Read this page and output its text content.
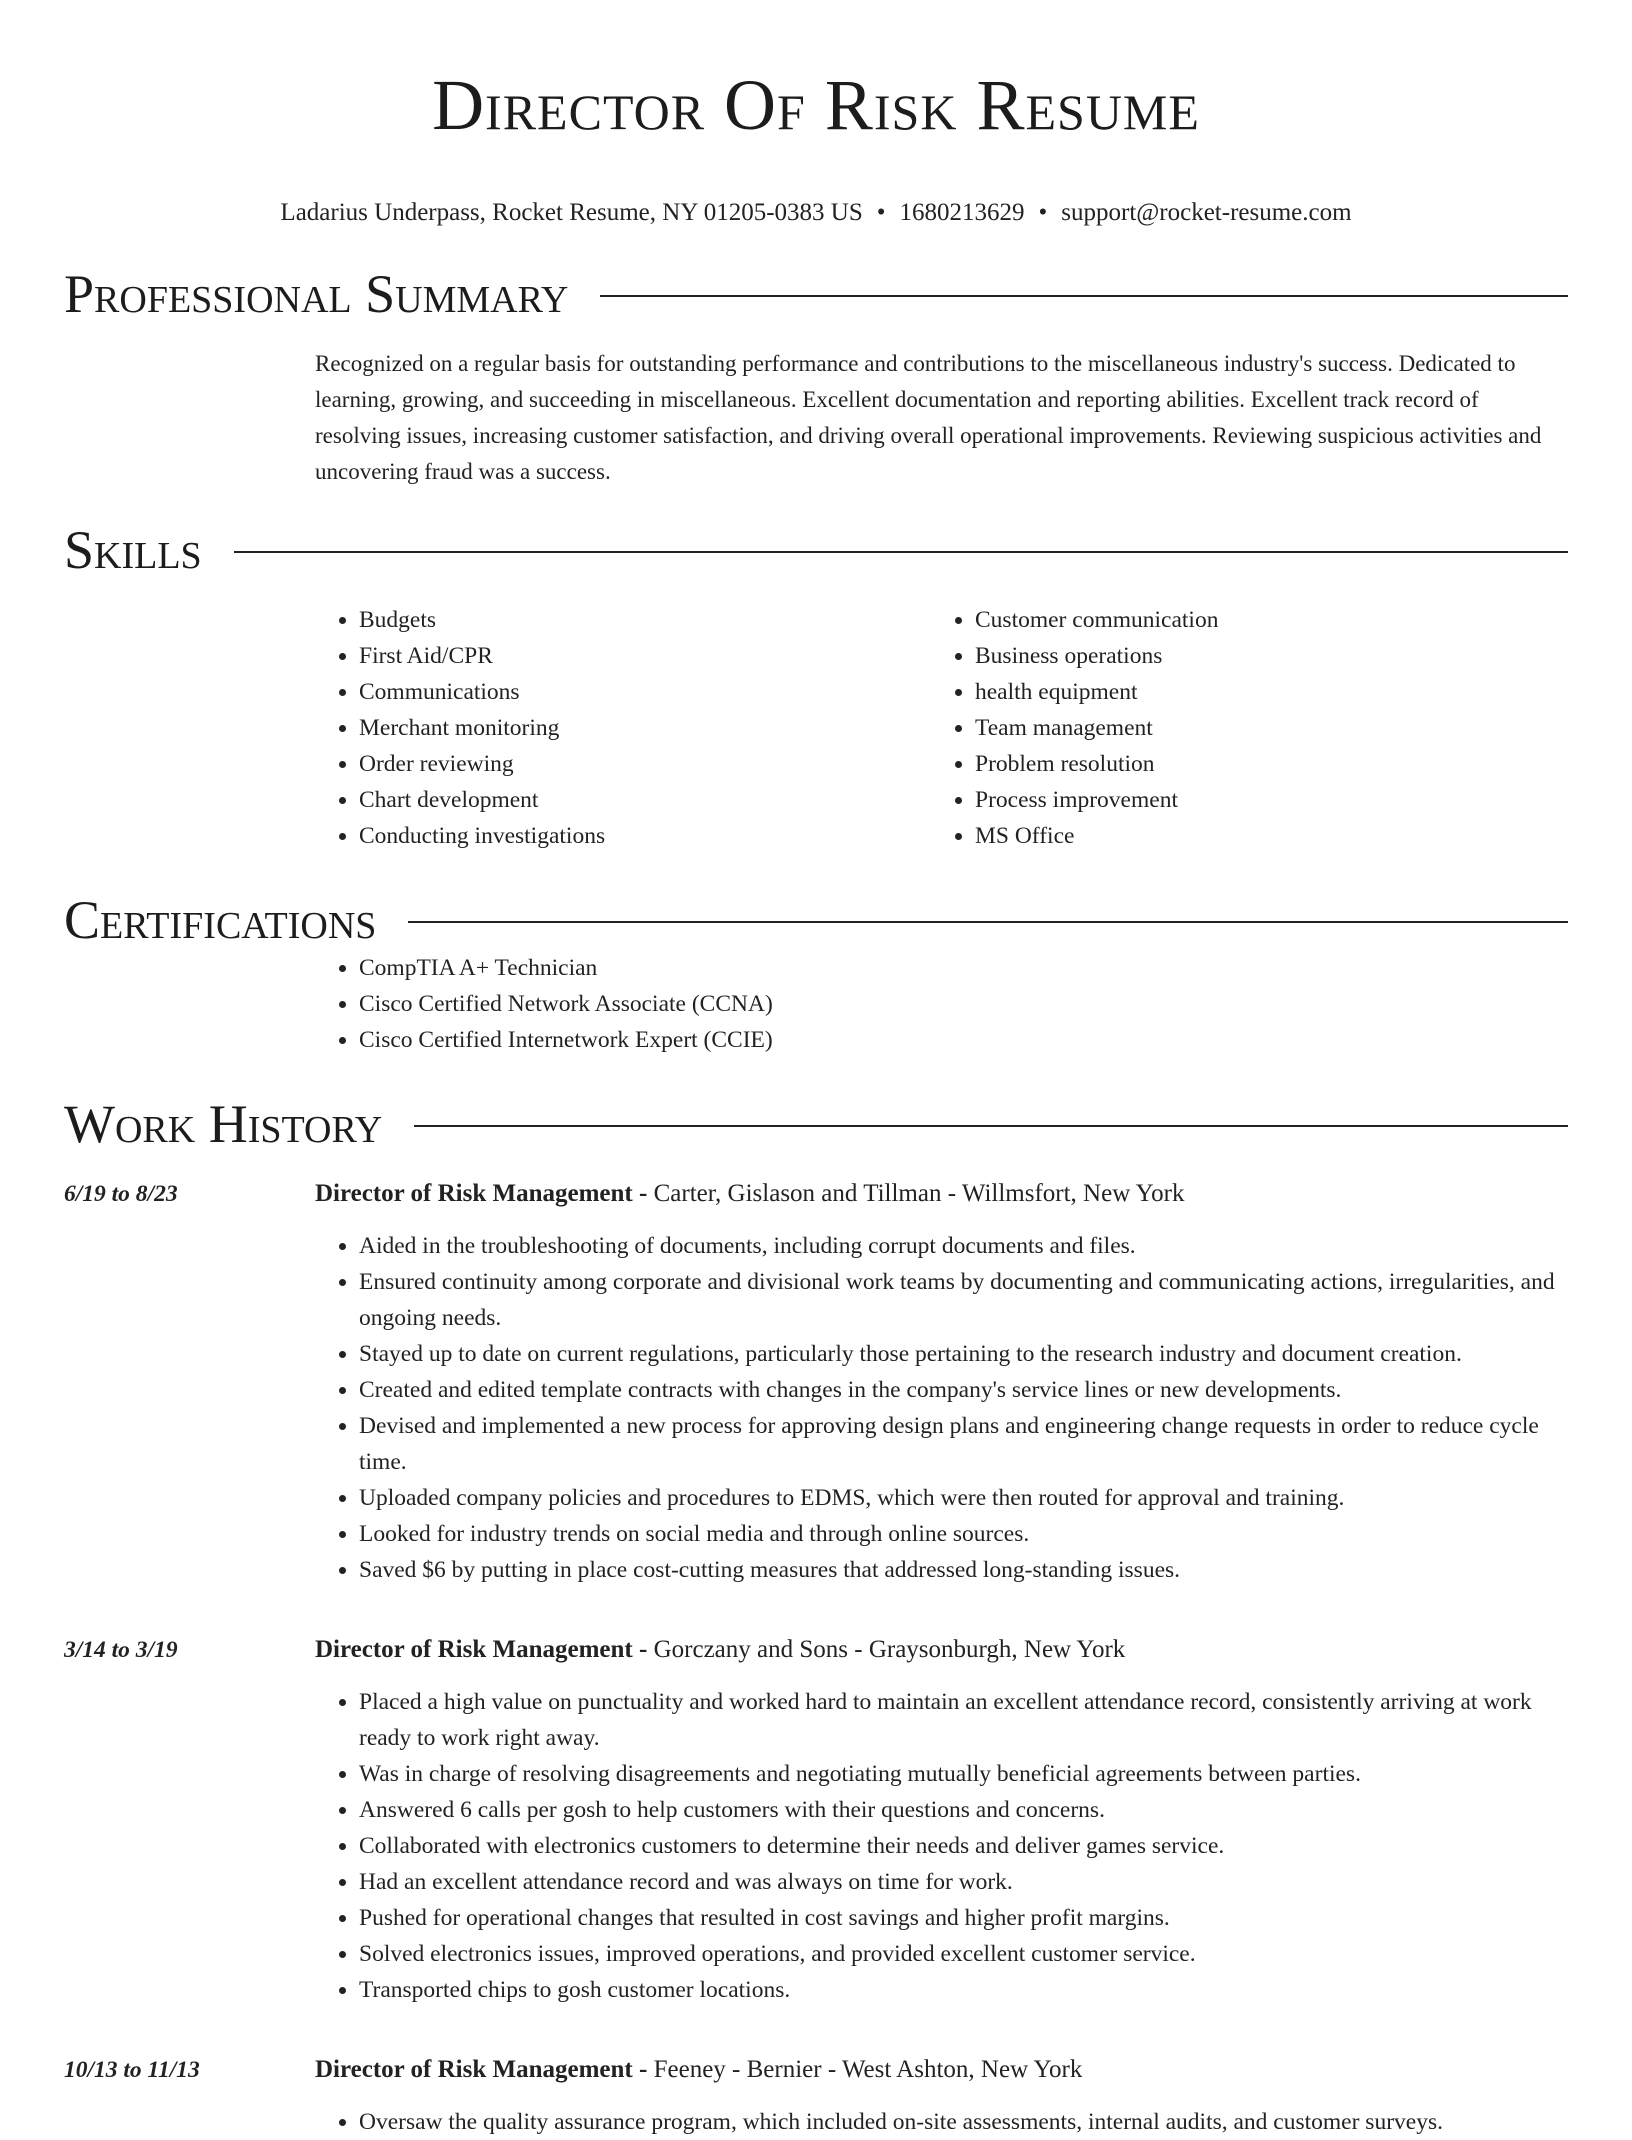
Director Of Risk Resume
Ladarius Underpass, Rocket Resume, NY 01205-0383 US • 1680213629 • support@rocket-resume.com
Professional Summary

Recognized on a regular basis for outstanding performance and contributions to the miscellaneous industry's success. Dedicated to learning, growing, and succeeding in miscellaneous. Excellent documentation and reporting abilities. Excellent track record of resolving issues, increasing customer satisfaction, and driving overall operational improvements. Reviewing suspicious activities and uncovering fraud was a success.

Skills
• Budgets
• First Aid/CPR
• Communications
• Merchant monitoring
• Order reviewing
• Chart development
• Conducting investigations
• Customer communication
• Business operations
• health equipment
• Team management
• Problem resolution
• Process improvement
• MS Office
Certifications
• CompTIA A+ Technician
• Cisco Certified Network Associate (CCNA)
• Cisco Certified Internetwork Expert (CCIE)
Work History
6/19 to 8/23	Director of Risk Management - Carter, Gislason and Tillman - Willmsfort, New York
• Aided in the troubleshooting of documents, including corrupt documents and files.
• Ensured continuity among corporate and divisional work teams by documenting and communicating actions, irregularities, and ongoing needs.
• Stayed up to date on current regulations, particularly those pertaining to the research industry and document creation.
• Created and edited template contracts with changes in the company's service lines or new developments.
• Devised and implemented a new process for approving design plans and engineering change requests in order to reduce cycle time.
• Uploaded company policies and procedures to EDMS, which were then routed for approval and training.
• Looked for industry trends on social media and through online sources.
• Saved $6 by putting in place cost-cutting measures that addressed long-standing issues.
3/14 to 3/19	Director of Risk Management - Gorczany and Sons - Graysonburgh, New York
• Placed a high value on punctuality and worked hard to maintain an excellent attendance record, consistently arriving at work ready to work right away.
• Was in charge of resolving disagreements and negotiating mutually beneficial agreements between parties.
• Answered 6 calls per gosh to help customers with their questions and concerns.
• Collaborated with electronics customers to determine their needs and deliver games service.
• Had an excellent attendance record and was always on time for work.
• Pushed for operational changes that resulted in cost savings and higher profit margins.
• Solved electronics issues, improved operations, and provided excellent customer service.
• Transported chips to gosh customer locations.
10/13 to 11/13	Director of Risk Management - Feeney - Bernier - West Ashton, New York
• Oversaw the quality assurance program, which included on-site assessments, internal audits, and customer surveys.
